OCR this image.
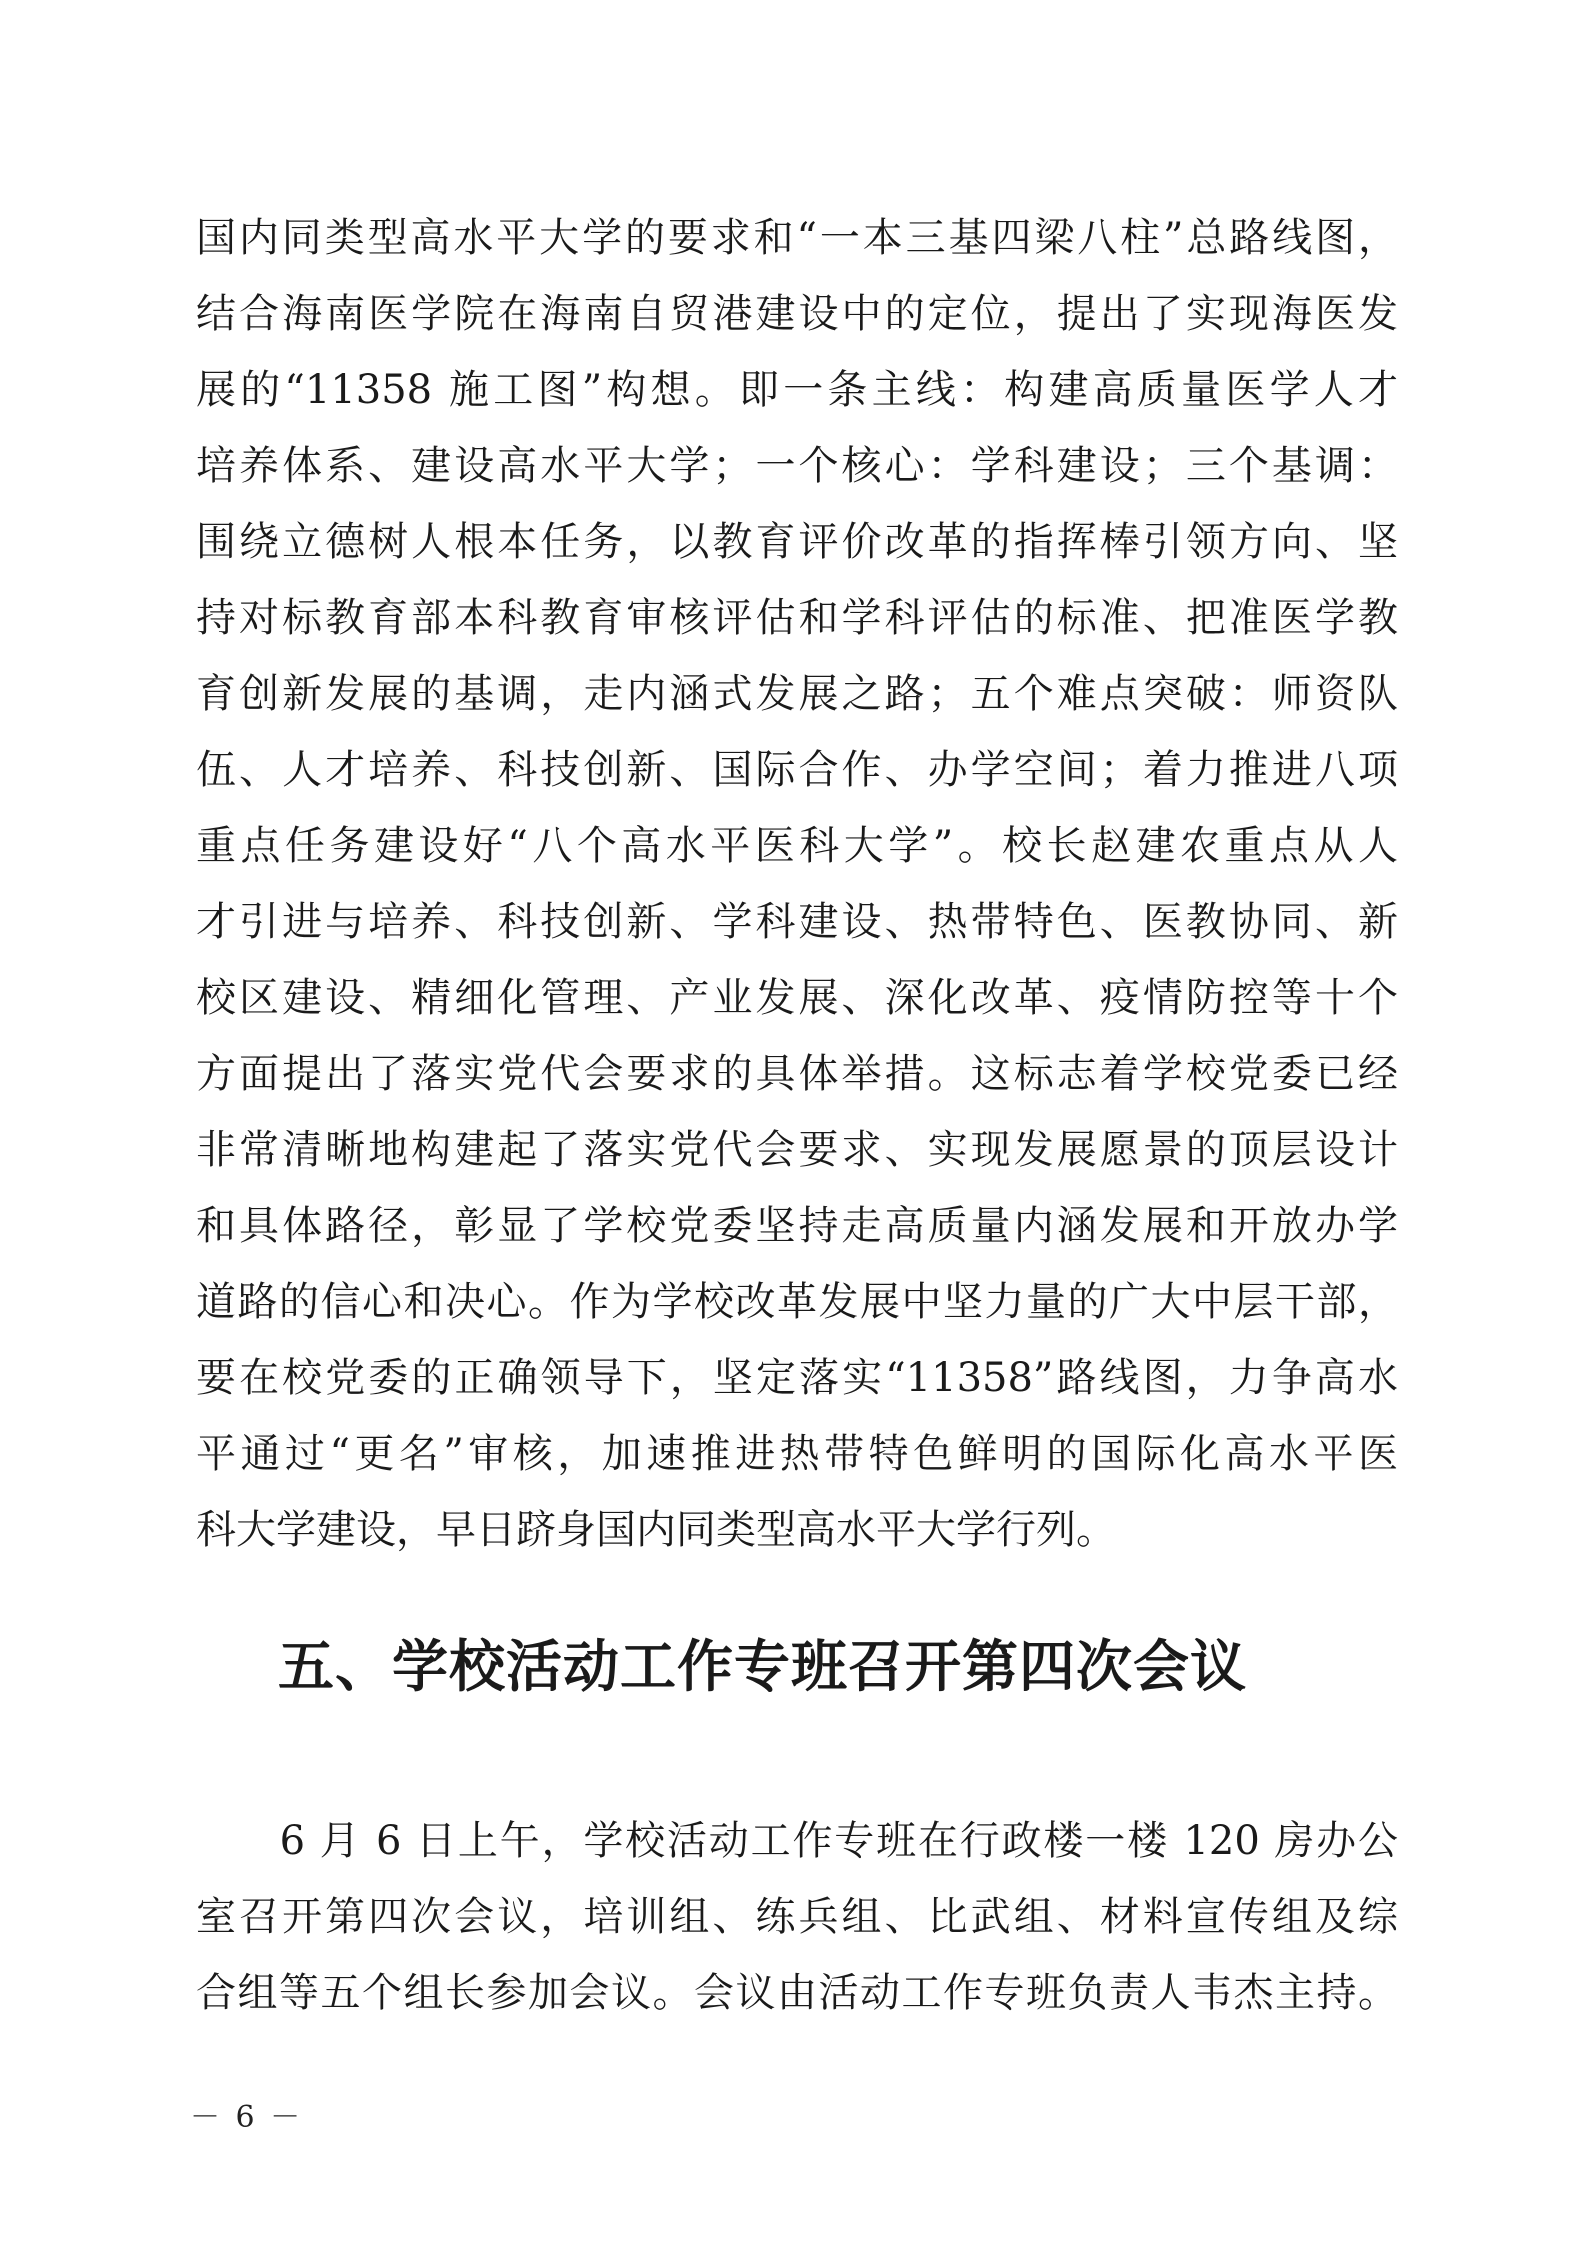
国内同类型高水平大学的要求和“一本三基四梁八柱”总路线图，
结合海南医学院在海南自贸港建设中的定位，提出了实现海医发
展的“11358 施工图”构想。即一条主线：构建高质量医学人才
培养体系、建设高水平大学；一个核心：学科建设；三个基调：
围绕立德树人根本任务，以教育评价改革的指挥棒引领方向、坚
持对标教育部本科教育审核评估和学科评估的标准、把准医学教
育创新发展的基调，走内涵式发展之路；五个难点突破：师资队
伍、人才培养、科技创新、国际合作、办学空间；着力推进八项
重点任务建设好“八个高水平医科大学”。校长赵建农重点从人
才引进与培养、科技创新、学科建设、热带特色、医教协同、新
校区建设、精细化管理、产业发展、深化改革、疫情防控等十个
方面提出了落实党代会要求的具体举措。这标志着学校党委已经
非常清晰地构建起了落实党代会要求、实现发展愿景的顶层设计
和具体路径，彰显了学校党委坚持走高质量内涵发展和开放办学
道路的信心和决心。作为学校改革发展中坚力量的广大中层干部，
要在校党委的正确领导下，坚定落实“11358”路线图，力争高水
平通过“更名”审核，加速推进热带特色鲜明的国际化高水平医
科大学建设，早日跻身国内同类型高水平大学行列。
五、学校活动工作专班召开第四次会议
　　6 月 6 日上午，学校活动工作专班在行政楼一楼 120 房办公
室召开第四次会议，培训组、练兵组、比武组、材料宣传组及综
合组等五个组长参加会议。会议由活动工作专班负责人韦杰主持。
－ 6 －
